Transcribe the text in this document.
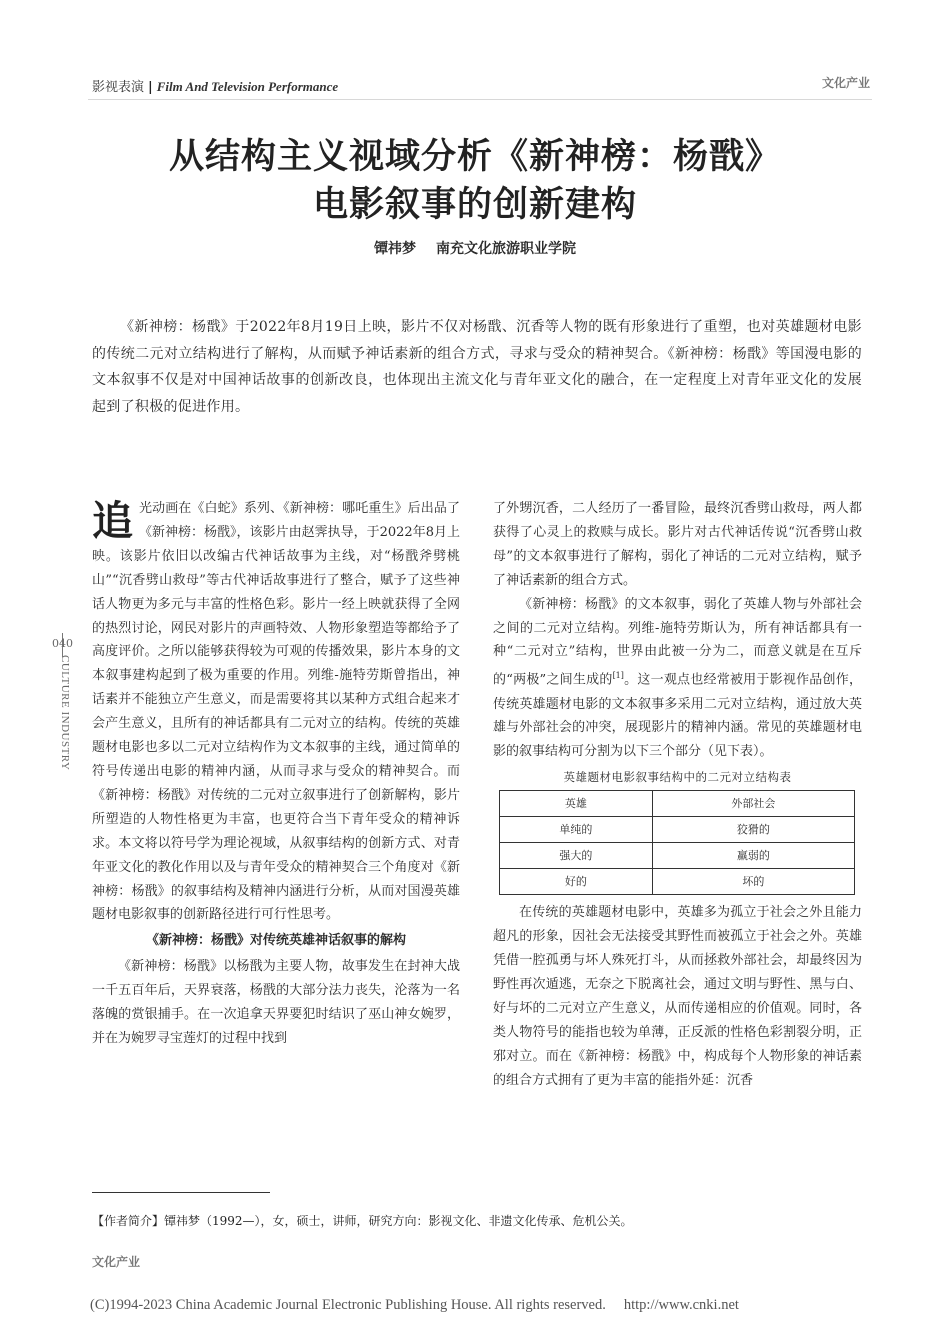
影视表演 | Film And Television Performance	文化产业
从结构主义视域分析《新神榜：杨戬》
电影叙事的创新建构
镡祎梦 南充文化旅游职业学院
《新神榜：杨戬》于2022年8月19日上映，影片不仅对杨戬、沉香等人物的既有形象进行了重塑，也对英雄题材电影的传统二元对立结构进行了解构，从而赋予神话素新的组合方式，寻求与受众的精神契合。《新神榜：杨戬》等国漫电影的文本叙事不仅是对中国神话故事的创新改良，也体现出主流文化与青年亚文化的融合，在一定程度上对青年亚文化的发展起到了积极的促进作用。
040
CULTURE INDUSTRY

追光动画在《白蛇》系列、《新神榜：哪吒重生》后出品了《新神榜：杨戬》，该影片由赵霁执导，于2022年8月上映。该影片依旧以改编古代神话故事为主线，对“杨戬斧劈桃山”“沉香劈山救母”等古代神话故事进行了整合，赋予了这些神话人物更为多元与丰富的性格色彩。影片一经上映就获得了全网的热烈讨论，网民对影片的声画特效、人物形象塑造等都给予了高度评价。之所以能够获得较为可观的传播效果，影片本身的文本叙事建构起到了极为重要的作用。列维-施特劳斯曾指出，神话素并不能独立产生意义，而是需要将其以某种方式组合起来才会产生意义，且所有的神话都具有二元对立的结构。传统的英雄题材电影也多以二元对立结构作为文本叙事的主线，通过简单的符号传递出电影的精神内涵，从而寻求与受众的精神契合。而《新神榜：杨戬》对传统的二元对立叙事进行了创新解构，影片所塑造的人物性格更为丰富，也更符合当下青年受众的精神诉求。本文将以符号学为理论视域，从叙事结构的创新方式、对青年亚文化的教化作用以及与青年受众的精神契合三个角度对《新神榜：杨戬》的叙事结构及精神内涵进行分析，从而对国漫英雄题材电影叙事的创新路径进行可行性思考。

《新神榜：杨戬》对传统英雄神话叙事的解构

《新神榜：杨戬》以杨戬为主要人物，故事发生在封神大战一千五百年后，天界衰落，杨戬的大部分法力丧失，沦落为一名落魄的赏银捕手。在一次追拿天界要犯时结识了巫山神女婉罗，并在为婉罗寻宝莲灯的过程中找到

了外甥沉香，二人经历了一番冒险，最终沉香劈山救母，两人都获得了心灵上的救赎与成长。影片对古代神话传说“沉香劈山救母”的文本叙事进行了解构，弱化了神话的二元对立结构，赋予了神话素新的组合方式。

《新神榜：杨戬》的文本叙事，弱化了英雄人物与外部社会之间的二元对立结构。列维-施特劳斯认为，所有神话都具有一种“二元对立”结构，世界由此被一分为二，而意义就是在互斥的“两极”之间生成的[1]。这一观点也经常被用于影视作品创作，传统英雄题材电影的文本叙事多采用二元对立结构，通过放大英雄与外部社会的冲突，展现影片的精神内涵。常见的英雄题材电影的叙事结构可分割为以下三个部分（见下表）。

英雄题材电影叙事结构中的二元对立结构表
英雄	外部社会
单纯的	狡猾的
强大的	羸弱的
好的	坏的

在传统的英雄题材电影中，英雄多为孤立于社会之外且能力超凡的形象，因社会无法接受其野性而被孤立于社会之外。英雄凭借一腔孤勇与坏人殊死打斗，从而拯救外部社会，却最终因为野性再次遁逃，无奈之下脱离社会，通过文明与野性、黑与白、好与坏的二元对立产生意义，从而传递相应的价值观。同时，各类人物符号的能指也较为单薄，正反派的性格色彩割裂分明，正邪对立。而在《新神榜：杨戬》中，构成每个人物形象的神话素的组合方式拥有了更为丰富的能指外延：沉香

【作者简介】镡祎梦（1992—），女，硕士，讲师，研究方向：影视文化、非遗文化传承、危机公关。
文化产业
(C)1994-2023 China Academic Journal Electronic Publishing House. All rights reserved. http://www.cnki.net
